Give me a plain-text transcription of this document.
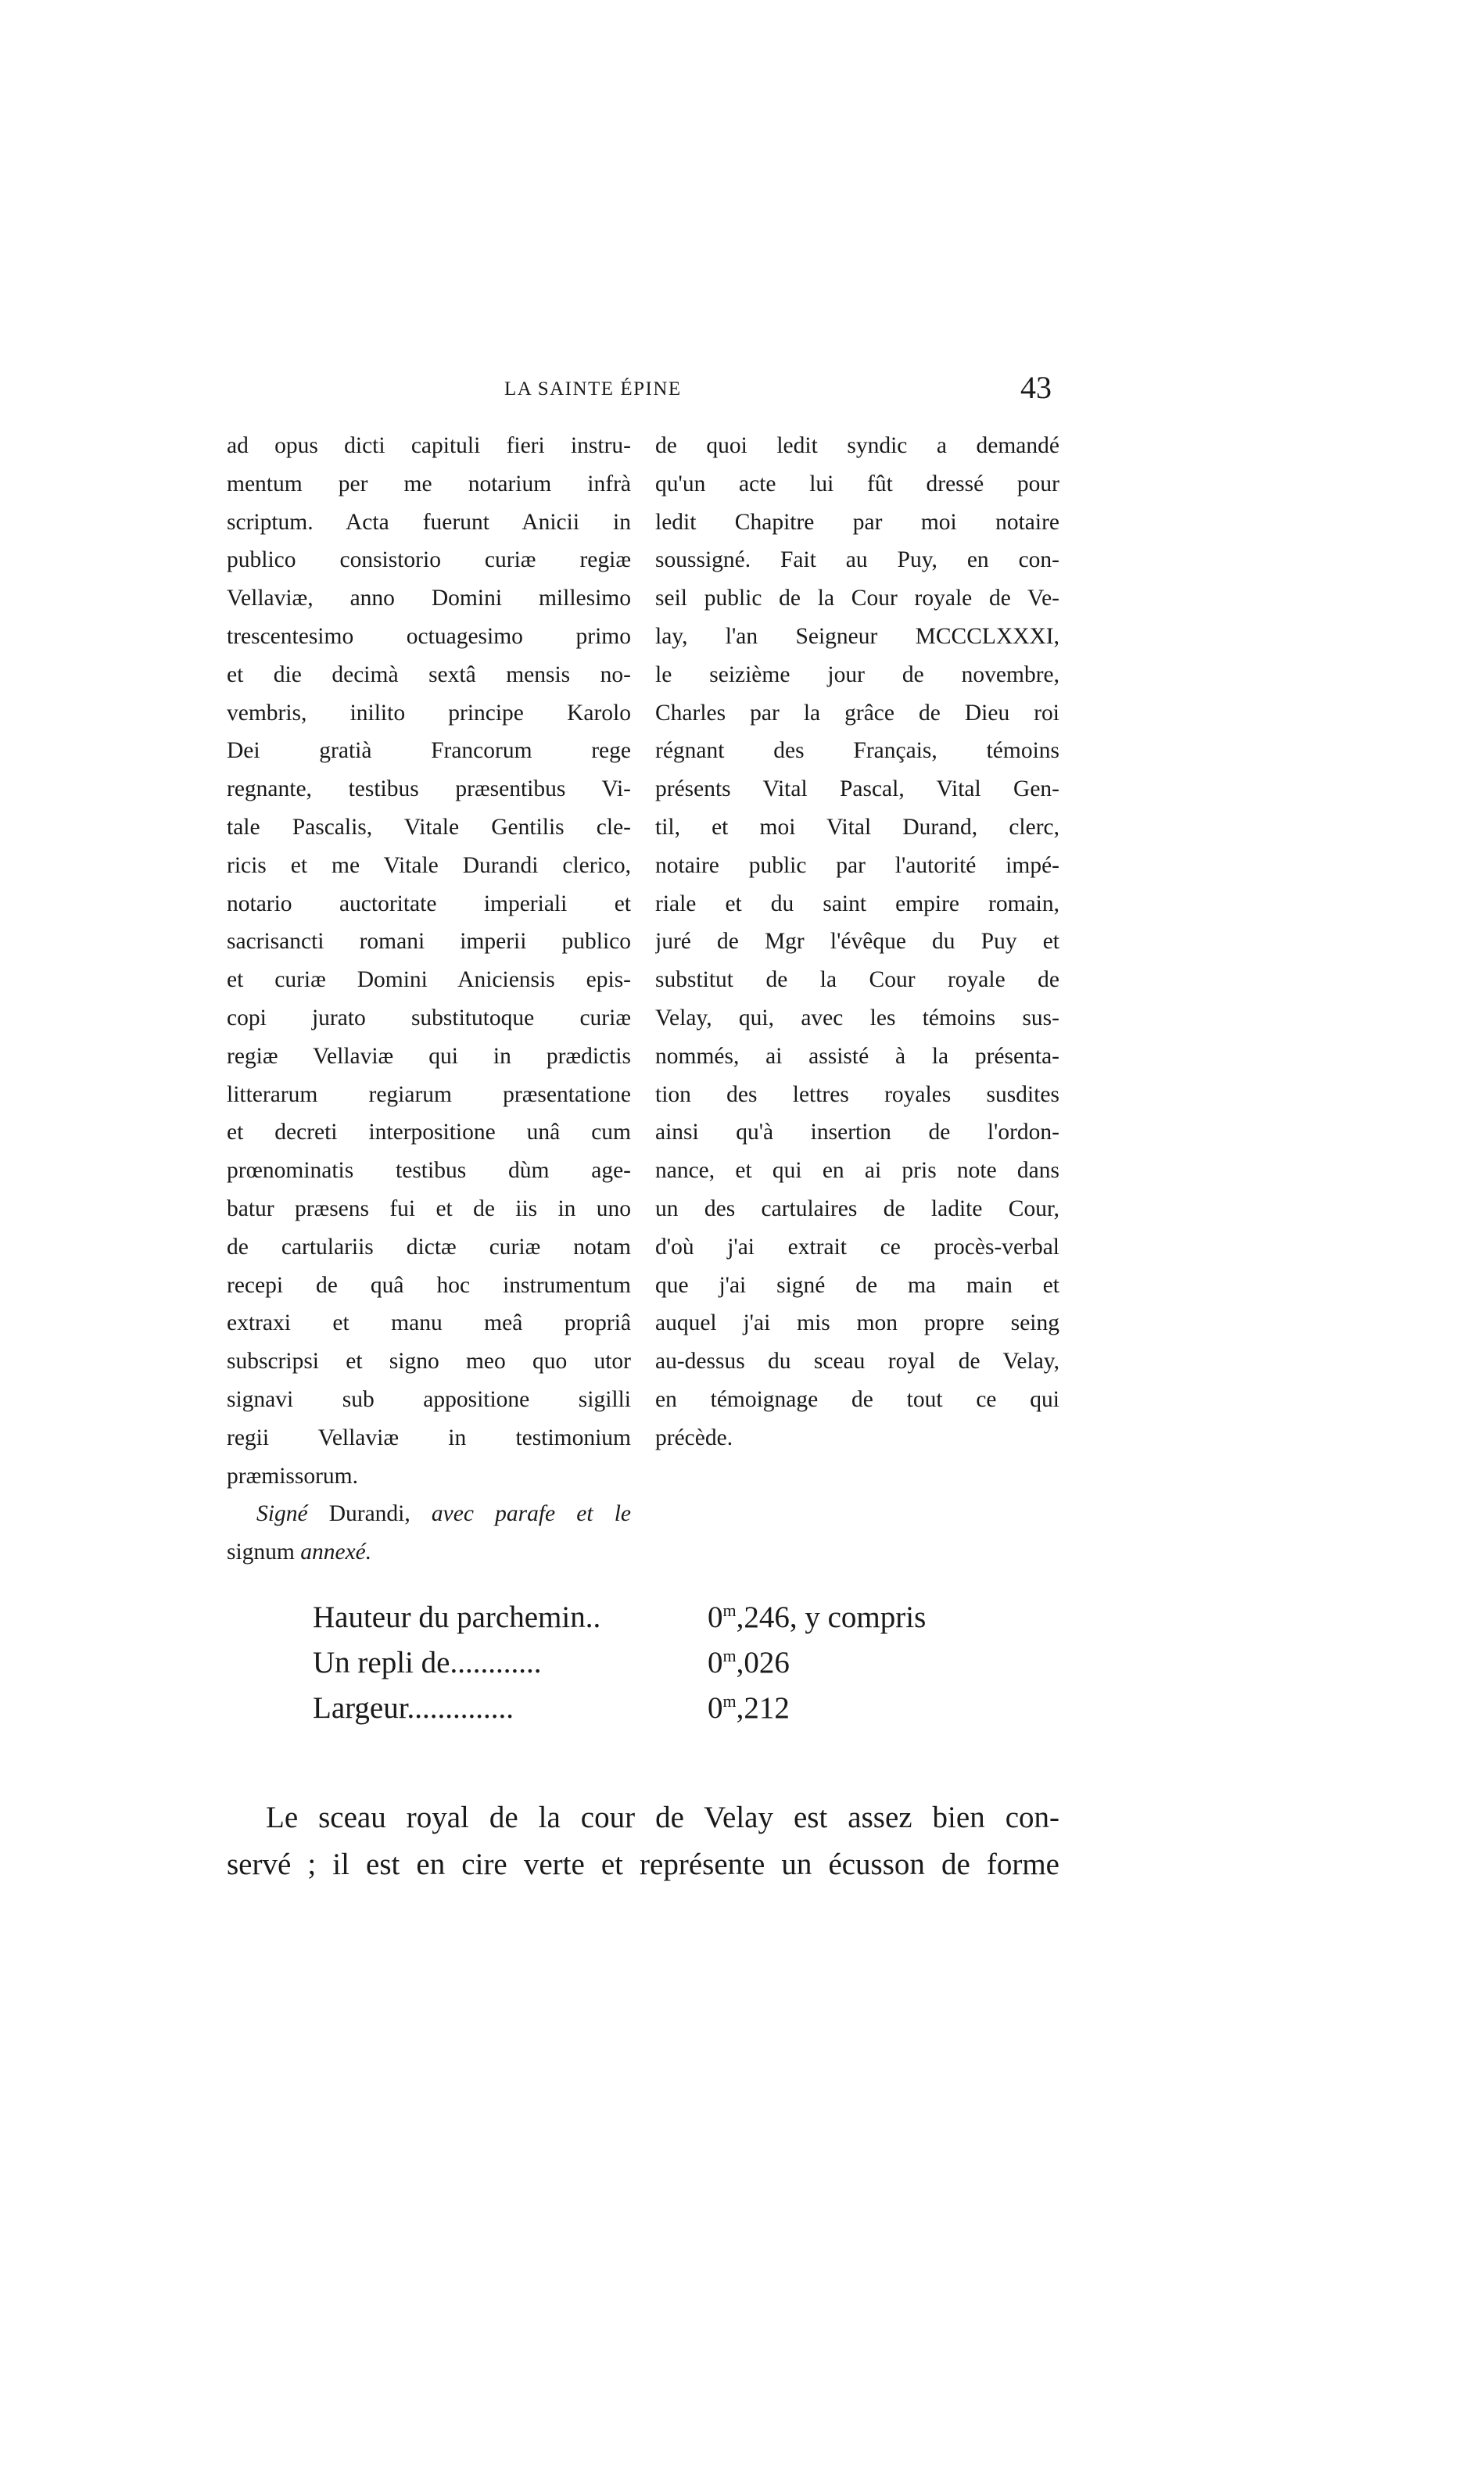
LA SAINTE ÉPINE	43
ad opus dicti capituli fieri instru-
mentum per me notarium infrà
scriptum. Acta fuerunt Anicii in
publico consistorio curiæ regiæ
Vellaviæ, anno Domini millesimo
trescentesimo octuagesimo primo
et die decimà sextâ mensis no-
vembris, inilito principe Karolo
Dei gratià Francorum rege
regnante, testibus præsentibus Vi-
tale Pascalis, Vitale Gentilis cle-
ricis et me Vitale Durandi clerico,
notario auctoritate imperiali et
sacrisancti romani imperii publico
et curiæ Domini Aniciensis epis-
copi jurato substitutoque curiæ
regiæ Vellaviæ qui in prædictis
litterarum regiarum præsentatione
et decreti interpositione unâ cum
prœnominatis testibus dùm age-
batur præsens fui et de iis in uno
de cartulariis dictæ curiæ notam
recepi de quâ hoc instrumentum
extraxi et manu meâ propriâ
subscripsi et signo meo quo utor
signavi sub appositione sigilli
regii Vellaviæ in testimonium
præmissorum.
Signé Durandi, avec parafe et le
signum annexé.
de quoi ledit syndic a demandé
qu'un acte lui fût dressé pour
ledit Chapitre par moi notaire
soussigné. Fait au Puy, en con-
seil public de la Cour royale de Ve-
lay, l'an Seigneur MCCCLXXXI,
le seizième jour de novembre,
Charles par la grâce de Dieu roi
régnant des Français, témoins
présents Vital Pascal, Vital Gen-
til, et moi Vital Durand, clerc,
notaire public par l'autorité impé-
riale et du saint empire romain,
juré de Mgr l'évêque du Puy et
substitut de la Cour royale de
Velay, qui, avec les témoins sus-
nommés, ai assisté à la présenta-
tion des lettres royales susdites
ainsi qu'à insertion de l'ordon-
nance, et qui en ai pris note dans
un des cartulaires de ladite Cour,
d'où j'ai extrait ce procès-verbal
que j'ai signé de ma main et
auquel j'ai mis mon propre seing
au-dessus du sceau royal de Velay,
en témoignage de tout ce qui
précède.
Hauteur du parchemin..	0$^m$,246, y compris
Un repli de............	0$^m$,026
Largeur..............	0$^m$,212
Le sceau royal de la cour de Velay est assez bien con-
servé ; il est en cire verte et représente un écusson de forme
